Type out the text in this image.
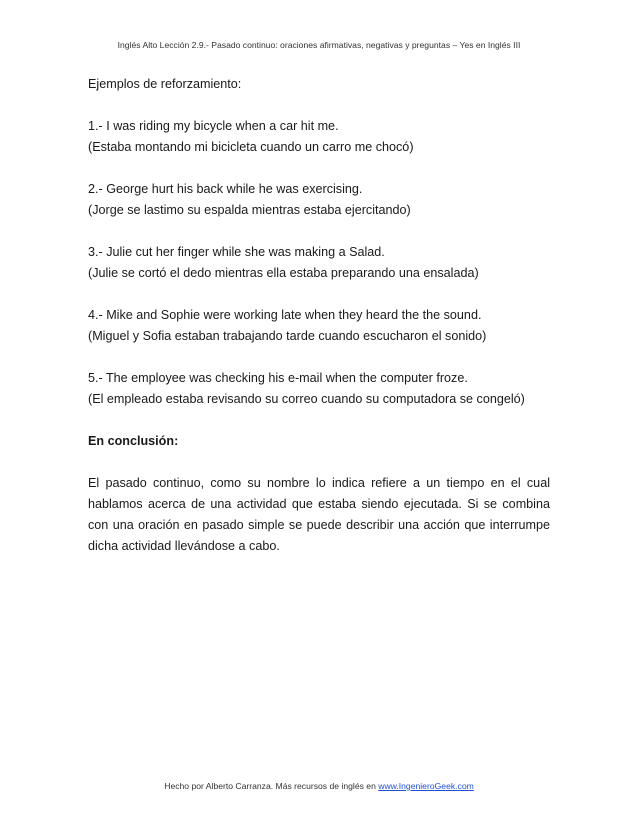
Inglés Alto Lección 2.9.- Pasado continuo: oraciones afirmativas, negativas y preguntas – Yes en Inglés III

Ejemplos de reforzamiento:

1.- I was riding my bicycle when a car hit me.

(Estaba montando mi bicicleta cuando un carro me chocó)

2.- George hurt his back while he was exercising.

(Jorge se lastimo su espalda mientras estaba ejercitando)

3.- Julie cut her finger while she was making a Salad.

(Julie se cortó el dedo mientras ella estaba preparando una ensalada)

4.- Mike and Sophie were working late when they heard the the sound.

(Miguel y Sofia estaban trabajando tarde cuando escucharon el sonido)

5.- The employee was checking his e-mail when the computer froze.

(El empleado estaba revisando su correo cuando su computadora se congeló)

En conclusión:

El pasado continuo, como su nombre lo indica refiere a un tiempo en el cual hablamos acerca de una actividad que estaba siendo ejecutada. Si se combina con una oración en pasado simple se puede describir una acción que interrumpe dicha actividad llevándose a cabo.

Hecho por Alberto Carranza. Más recursos de inglés en www.IngenieroGeek.com
